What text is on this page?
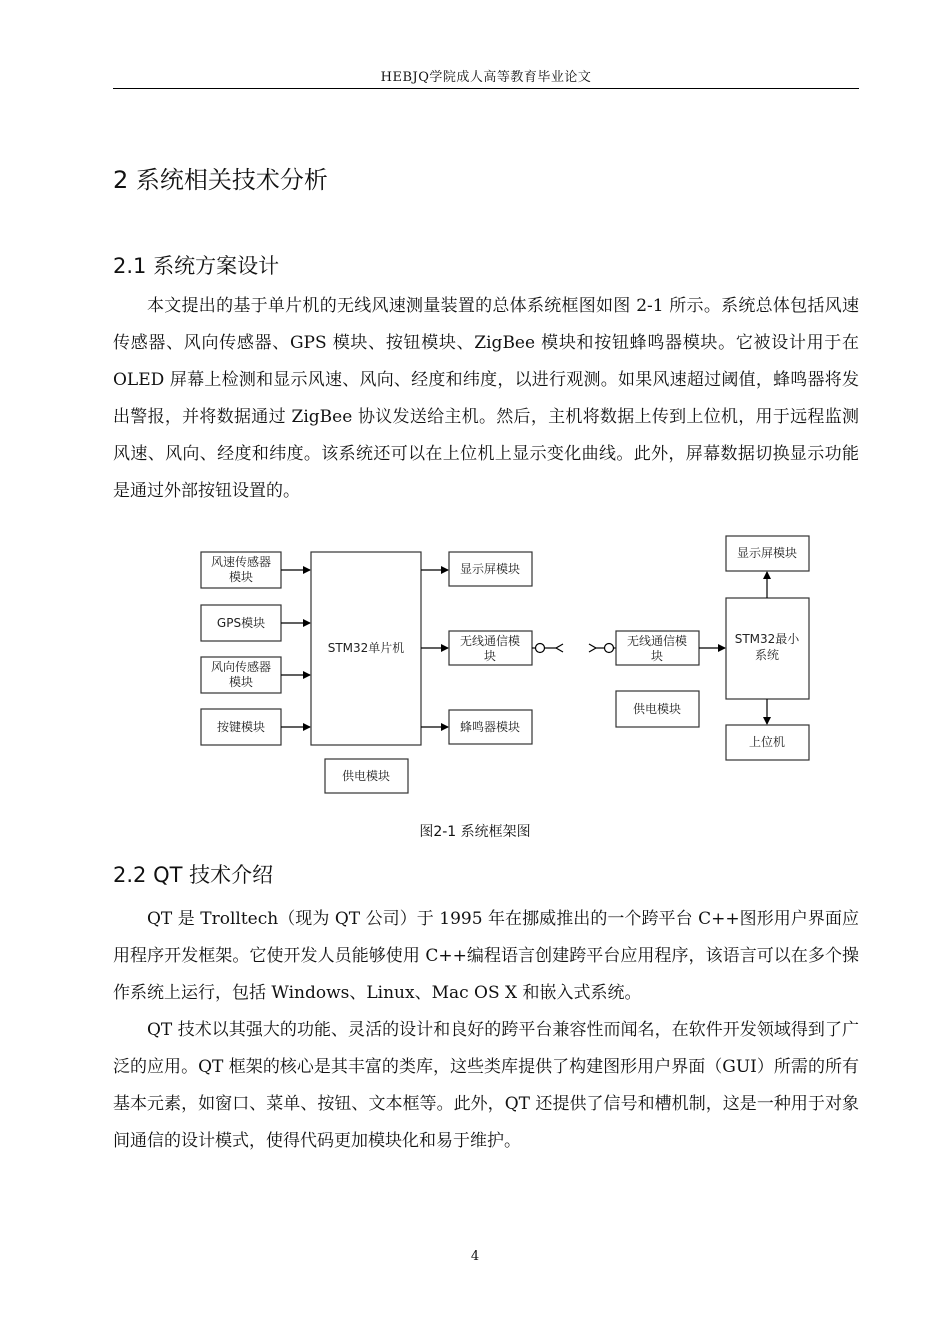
HEBJQ学院成人高等教育毕业论文
2 系统相关技术分析
2.1 系统方案设计

本文提出的基于单片机的无线风速测量装置的总体系统框图如图 2-1 所示。系统总体包括风速传感器、风向传感器、GPS 模块、按钮模块、ZigBee 模块和按钮蜂鸣器模块。它被设计用于在 OLED 屏幕上检测和显示风速、风向、经度和纬度，以进行观测。如果风速超过阈值，蜂鸣器将发出警报，并将数据通过 ZigBee 协议发送给主机。然后，主机将数据上传到上位机，用于远程监测风速、风向、经度和纬度。该系统还可以在上位机上显示变化曲线。此外，屏幕数据切换显示功能是通过外部按钮设置的。

风速传感器
模块
GPS模块
风向传感器
模块
按键模块
STM32单片机
显示屏模块
无线通信模
块
蜂鸣器模块
供电模块
无线通信模
块
供电模块
STM32最小
系统
显示屏模块
上位机
图2-1 系统框架图
2.2 QT 技术介绍

QT 是 Trolltech（现为 QT 公司）于 1995 年在挪威推出的一个跨平台 C++图形用户界面应用程序开发框架。它使开发人员能够使用 C++编程语言创建跨平台应用程序，该语言可以在多个操作系统上运行，包括 Windows、Linux、Mac OS X 和嵌入式系统。

QT 技术以其强大的功能、灵活的设计和良好的跨平台兼容性而闻名，在软件开发领域得到了广泛的应用。QT 框架的核心是其丰富的类库，这些类库提供了构建图形用户界面（GUI）所需的所有基本元素，如窗口、菜单、按钮、文本框等。此外，QT 还提供了信号和槽机制，这是一种用于对象间通信的设计模式，使得代码更加模块化和易于维护。

4
